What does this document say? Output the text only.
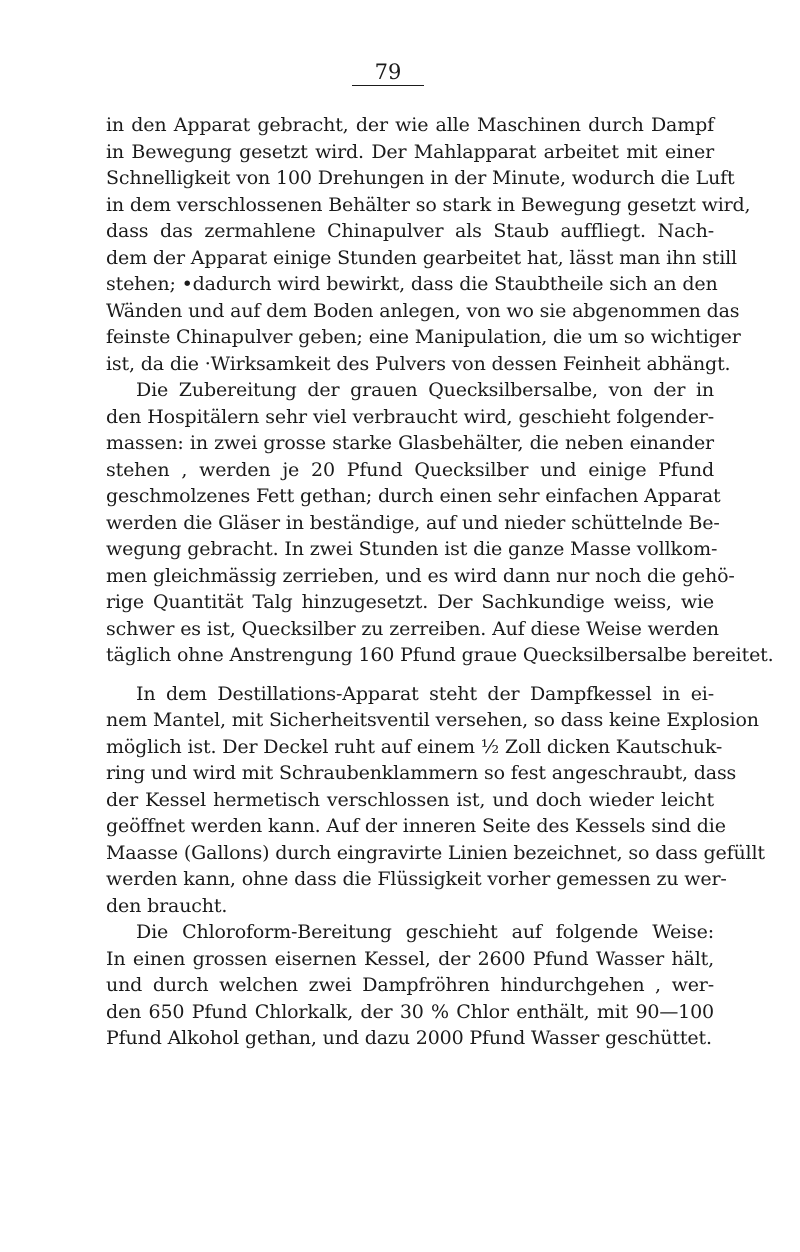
79
in den Apparat gebracht, der wie alle Maschinen durch Dampf
in Bewegung gesetzt wird. Der Mahlapparat arbeitet mit einer
Schnelligkeit von 100 Drehungen in der Minute, wodurch die Luft
in dem verschlossenen Behälter so stark in Bewegung gesetzt wird,
dass das zermahlene Chinapulver als Staub auffliegt. Nach-
dem der Apparat einige Stunden gearbeitet hat, lässt man ihn still
stehen; •dadurch wird bewirkt, dass die Staubtheile sich an den
Wänden und auf dem Boden anlegen, von wo sie abgenommen das
feinste Chinapulver geben; eine Manipulation, die um so wichtiger
ist, da die ·Wirksamkeit des Pulvers von dessen Feinheit abhängt.
Die Zubereitung der grauen Quecksilbersalbe, von der in
den Hospitälern sehr viel verbraucht wird, geschieht folgender-
massen: in zwei grosse starke Glasbehälter, die neben einander
stehen , werden je 20 Pfund Quecksilber und einige Pfund
geschmolzenes Fett gethan; durch einen sehr einfachen Apparat
werden die Gläser in beständige, auf und nieder schüttelnde Be-
wegung gebracht. In zwei Stunden ist die ganze Masse vollkom-
men gleichmässig zerrieben, und es wird dann nur noch die gehö-
rige Quantität Talg hinzugesetzt. Der Sachkundige weiss, wie
schwer es ist, Quecksilber zu zerreiben. Auf diese Weise werden
täglich ohne Anstrengung 160 Pfund graue Quecksilbersalbe bereitet.
In dem Destillations-Apparat steht der Dampfkessel in ei-
nem Mantel, mit Sicherheitsventil versehen, so dass keine Explosion
möglich ist. Der Deckel ruht auf einem ½ Zoll dicken Kautschuk-
ring und wird mit Schraubenklammern so fest angeschraubt, dass
der Kessel hermetisch verschlossen ist, und doch wieder leicht
geöffnet werden kann. Auf der inneren Seite des Kessels sind die
Maasse (Gallons) durch eingravirte Linien bezeichnet, so dass gefüllt
werden kann, ohne dass die Flüssigkeit vorher gemessen zu wer-
den braucht.
Die Chloroform-Bereitung geschieht auf folgende Weise:
In einen grossen eisernen Kessel, der 2600 Pfund Wasser hält,
und durch welchen zwei Dampfröhren hindurchgehen , wer-
den 650 Pfund Chlorkalk, der 30 % Chlor enthält, mit 90—100
Pfund Alkohol gethan, und dazu 2000 Pfund Wasser geschüttet.
